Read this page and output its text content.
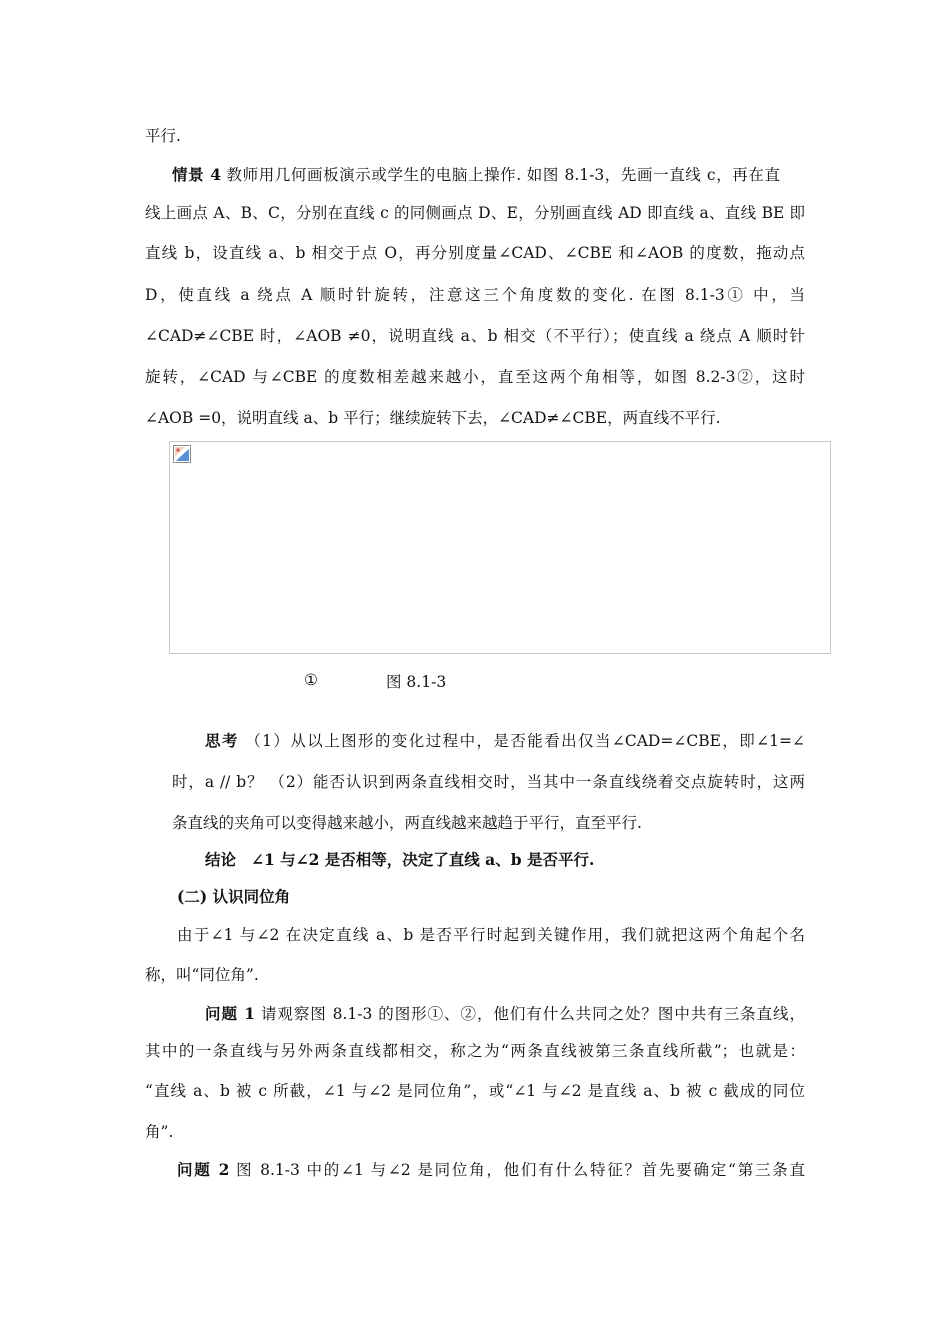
平行.
情景 4 教师用几何画板演示或学生的电脑上操作. 如图 8.1-3，先画一直线 c，再在直
线上画点 A、B、C，分别在直线 c 的同侧画点 D、E，分别画直线 AD 即直线 a、直线 BE 即
直线 b，设直线 a、b 相交于点 O，再分别度量∠CAD、∠CBE 和∠AOB 的度数，拖动点
D，使直线 a 绕点 A 顺时针旋转，注意这三个角度数的变化. 在图 8.1-3① 中，当
∠CAD≠∠CBE 时，∠AOB ≠0，说明直线 a、b 相交（不平行）；使直线 a 绕点 A 顺时针
旋转，∠CAD 与∠CBE 的度数相差越来越小，直至这两个角相等，如图 8.2-3②，这时
∠AOB =0，说明直线 a、b 平行；继续旋转下去，∠CAD≠∠CBE，两直线不平行.
①	图 8.1-3
思考 （1）从以上图形的变化过程中，是否能看出仅当∠CAD=∠CBE，即∠1=∠
时，a // b？ （2）能否认识到两条直线相交时，当其中一条直线绕着交点旋转时，这两
条直线的夹角可以变得越来越小，两直线越来越趋于平行，直至平行.
结论 ∠1 与∠2 是否相等，决定了直线 a、b 是否平行.
(二) 认识同位角
由于∠1 与∠2 在决定直线 a、b 是否平行时起到关键作用，我们就把这两个角起个名
称，叫“同位角”.
问题 1 请观察图 8.1-3 的图形①、②，他们有什么共同之处？图中共有三条直线，
其中的一条直线与另外两条直线都相交，称之为“两条直线被第三条直线所截”；也就是：
“直线 a、b 被 c 所截，∠1 与∠2 是同位角”，或“∠1 与∠2 是直线 a、b 被 c 截成的同位
角”.
问题 2 图 8.1-3 中的∠1 与∠2 是同位角，他们有什么特征？首先要确定“第三条直
